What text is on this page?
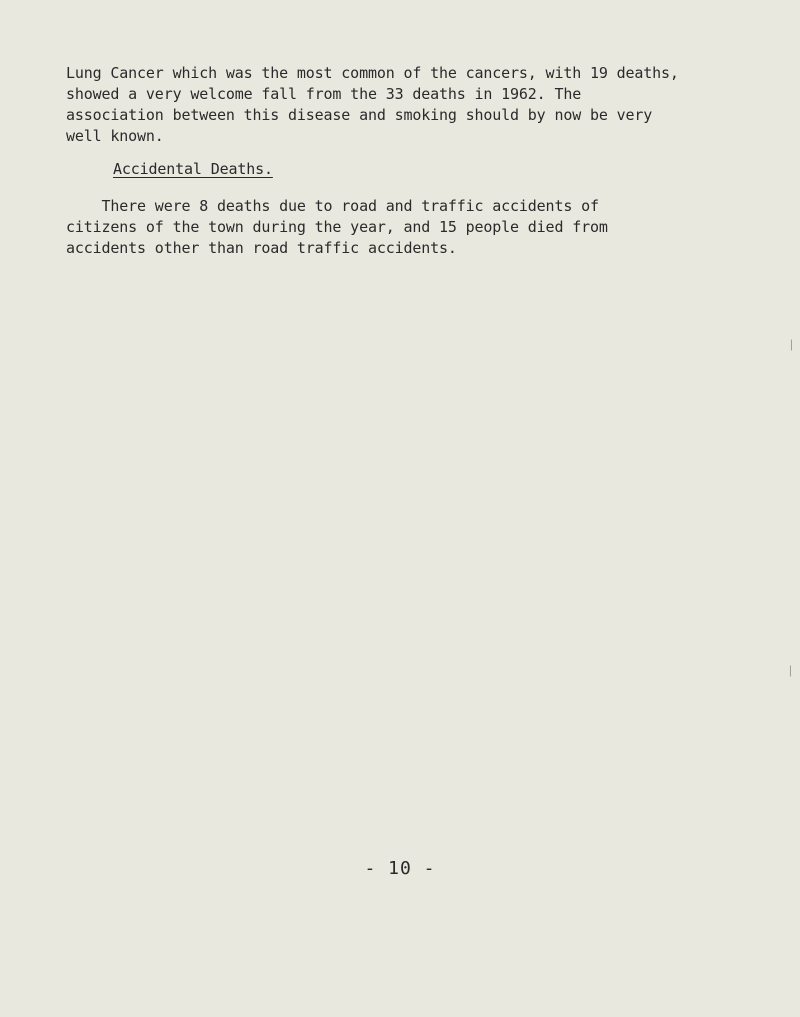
Lung Cancer which was the most common of the cancers, with 19 deaths,
showed a very welcome fall from the 33 deaths in 1962. The
association between this disease and smoking should by now be very
well known.
Accidental Deaths.
There were 8 deaths due to road and traffic accidents of
citizens of the town during the year, and 15 people died from
accidents other than road traffic accidents.
- 10 -
∣
∣
